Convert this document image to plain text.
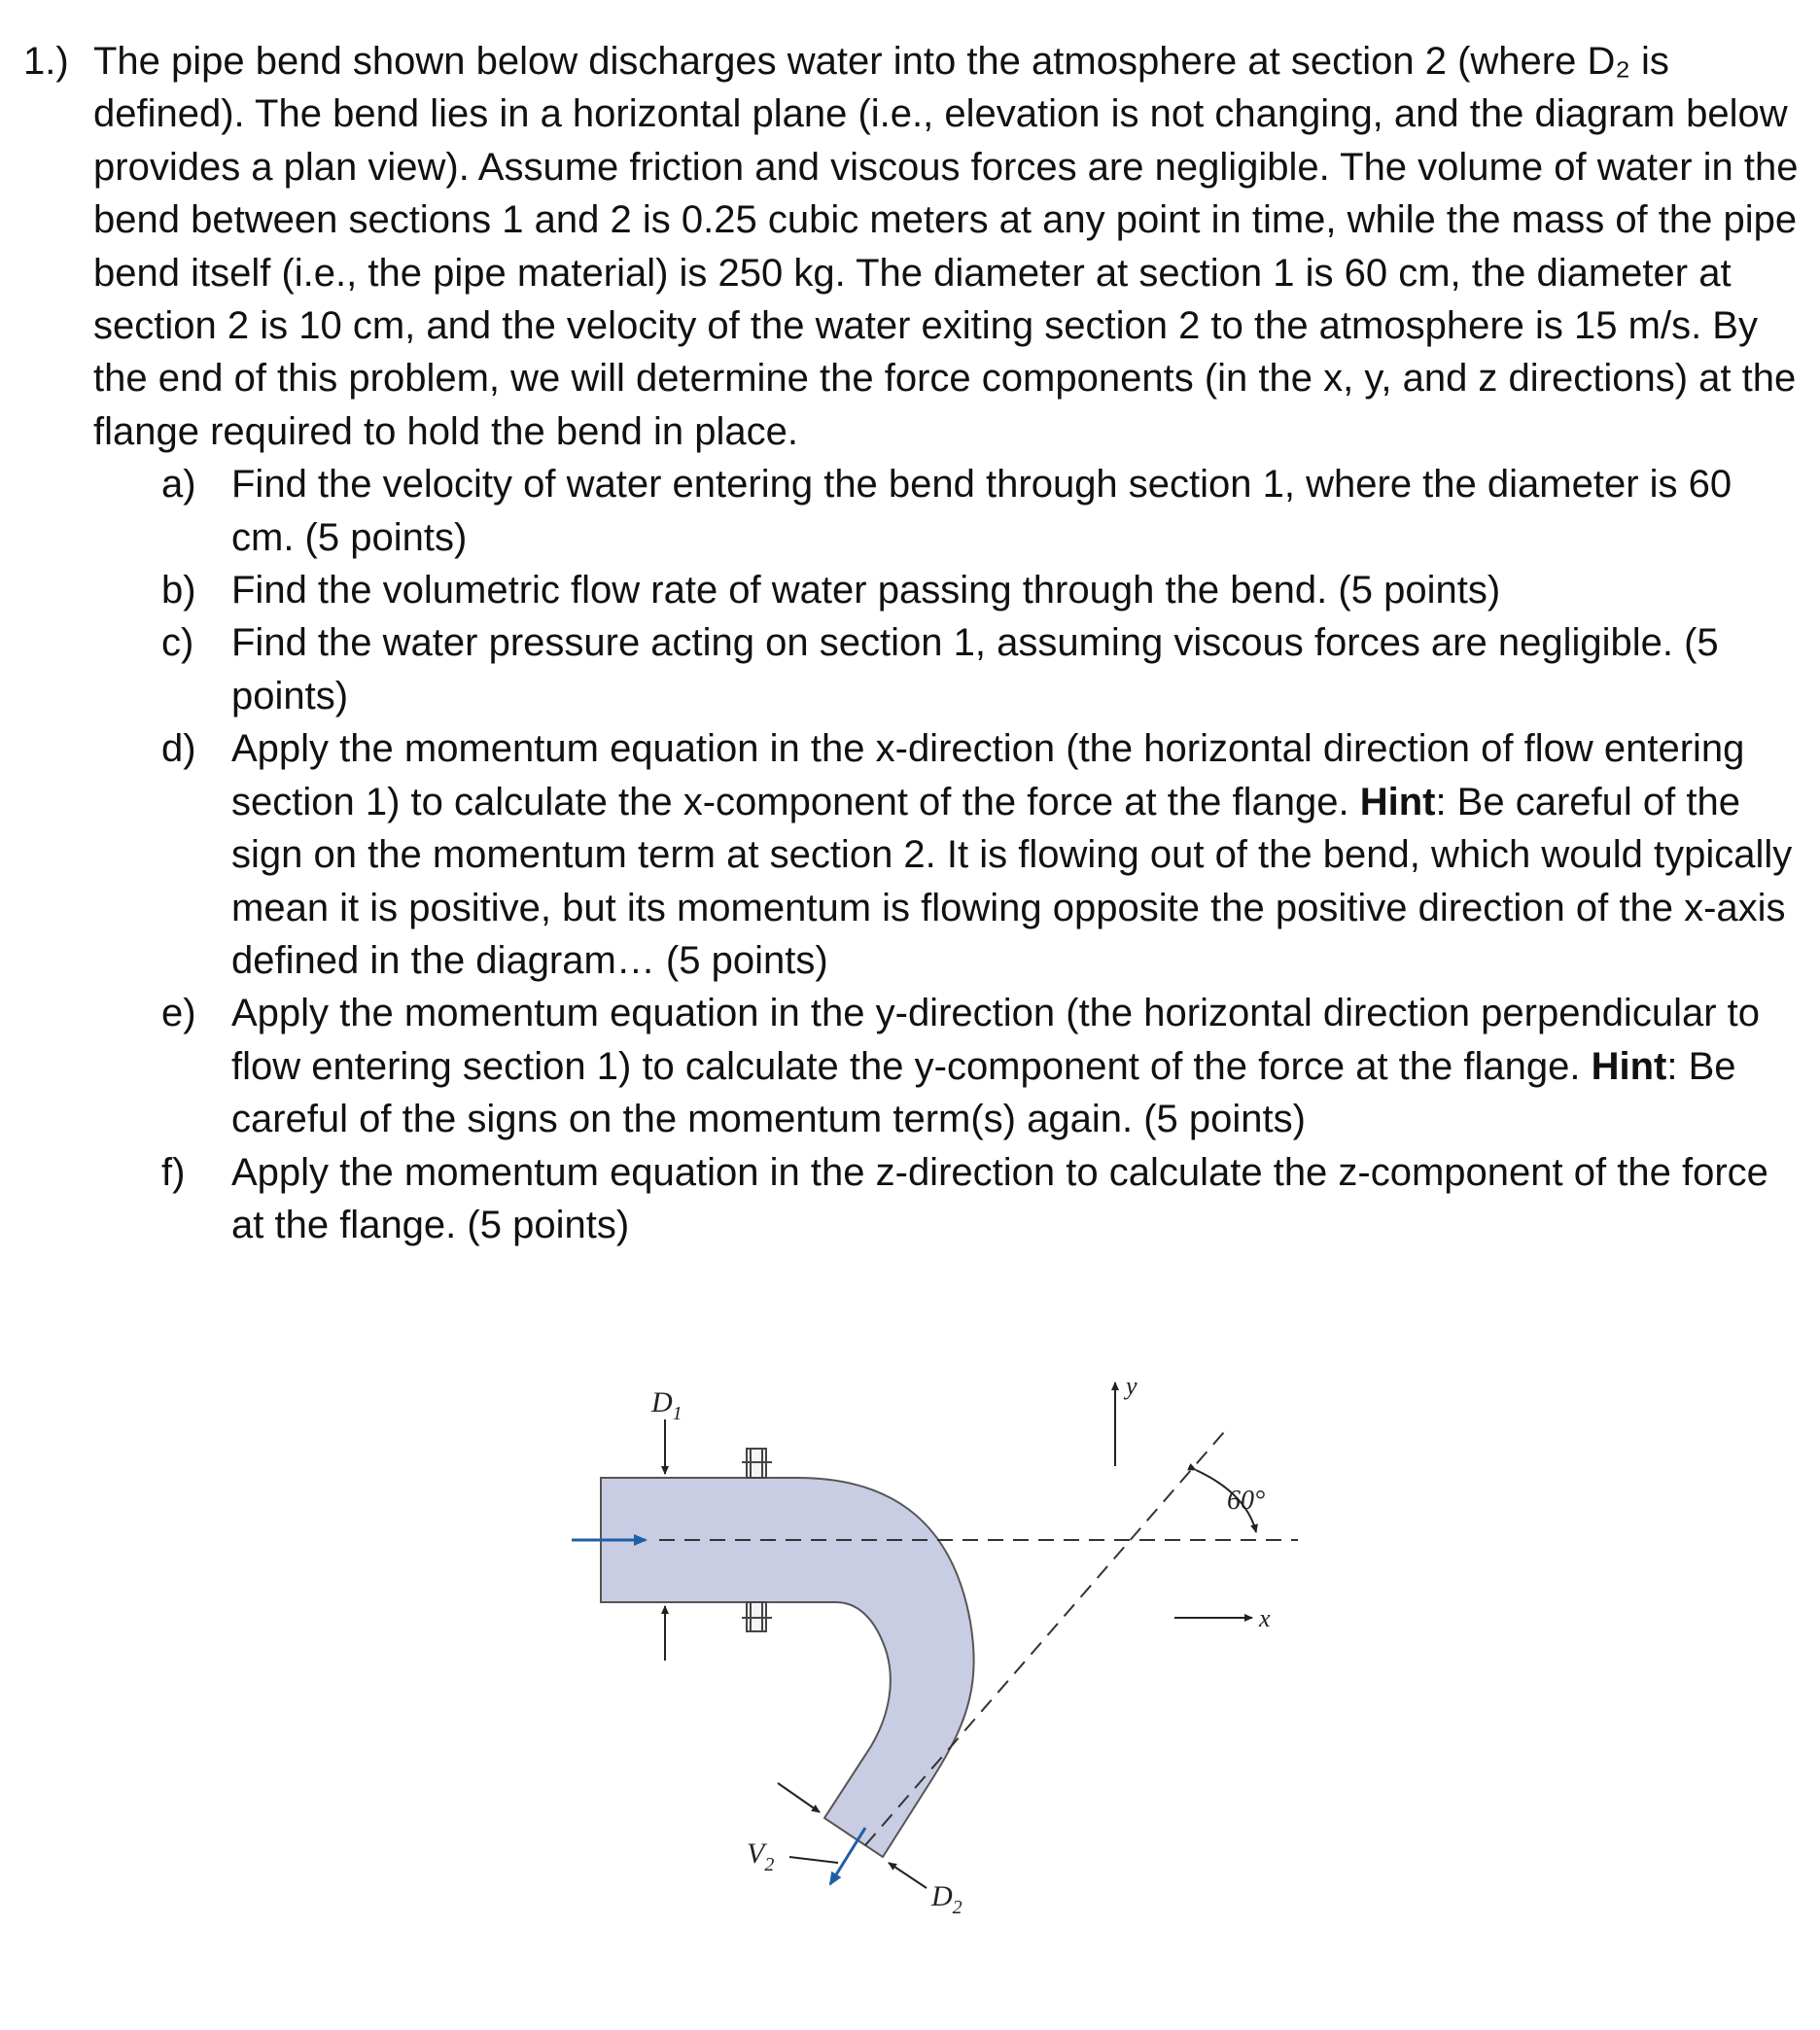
1.) The pipe bend shown below discharges water into the atmosphere at section 2 (where D₂ is defined). The bend lies in a horizontal plane (i.e., elevation is not changing, and the diagram below provides a plan view). Assume friction and viscous forces are negligible. The volume of water in the bend between sections 1 and 2 is 0.25 cubic meters at any point in time, while the mass of the pipe bend itself (i.e., the pipe material) is 250 kg. The diameter at section 1 is 60 cm, the diameter at section 2 is 10 cm, and the velocity of the water exiting section 2 to the atmosphere is 15 m/s. By the end of this problem, we will determine the force components (in the x, y, and z directions) at the flange required to hold the bend in place.
a) Find the velocity of water entering the bend through section 1, where the diameter is 60 cm. (5 points)
b) Find the volumetric flow rate of water passing through the bend. (5 points)
c) Find the water pressure acting on section 1, assuming viscous forces are negligible. (5 points)
d) Apply the momentum equation in the x-direction (the horizontal direction of flow entering section 1) to calculate the x-component of the force at the flange. Hint: Be careful of the sign on the momentum term at section 2. It is flowing out of the bend, which would typically mean it is positive, but its momentum is flowing opposite the positive direction of the x-axis defined in the diagram… (5 points)
e) Apply the momentum equation in the y-direction (the horizontal direction perpendicular to flow entering section 1) to calculate the y-component of the force at the flange. Hint: Be careful of the signs on the momentum term(s) again. (5 points)
f) Apply the momentum equation in the z-direction to calculate the z-component of the force at the flange. (5 points)
$D_1$
y
x
60°
$D_2$
$V_2$
